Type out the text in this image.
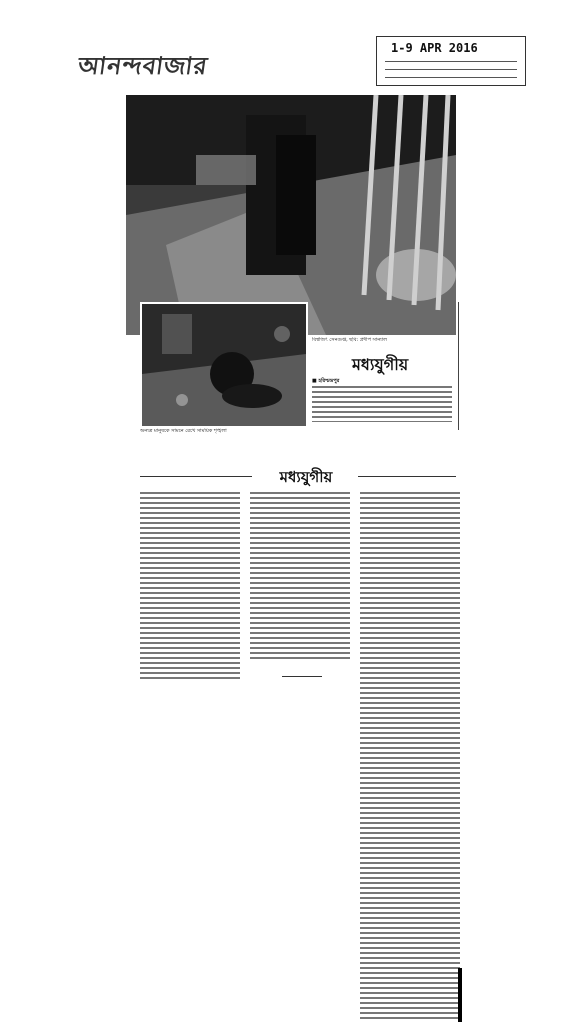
আনন্দবাজার
1-9 APR 2016
বিশ্বজিৎ সেনগুপ্ত, ছবি: প্রদীপ সান্যাল
অন্যত্র মানুষকে সামনে রেখে সাময়িক শৃঙ্খলা
মধ্যযুগীয়
■ হরিশ্চন্দ্রপুর
মধ্যযুগীয়
